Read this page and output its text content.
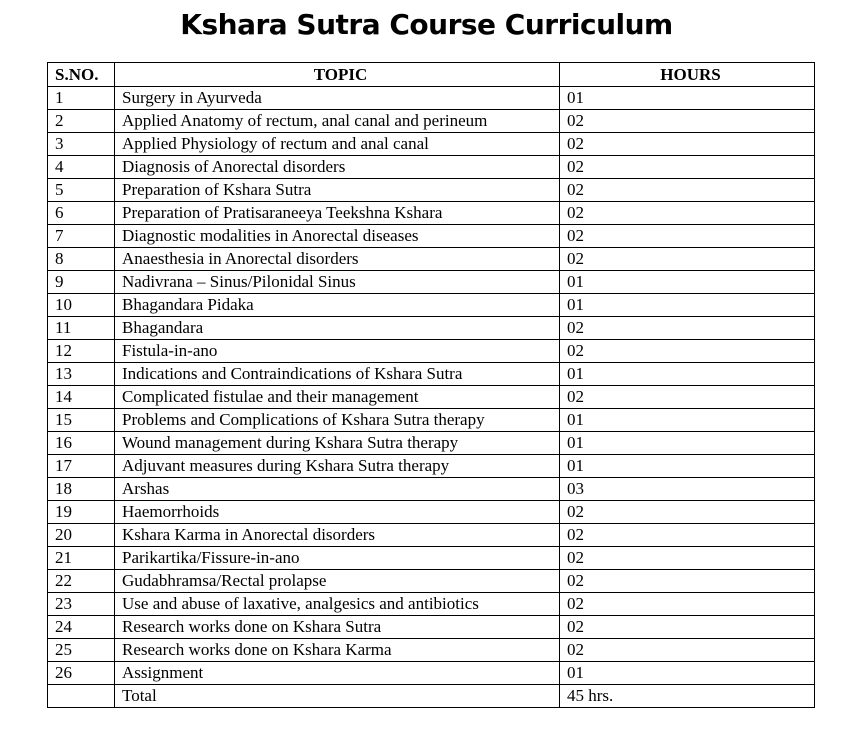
Kshara Sutra Course Curriculum
S.NO.	TOPIC	HOURS
1	Surgery in Ayurveda	01
2	Applied Anatomy of rectum, anal canal and perineum	02
3	Applied Physiology of rectum and anal canal	02
4	Diagnosis of Anorectal disorders	02
5	Preparation of Kshara Sutra	02
6	Preparation of Pratisaraneeya Teekshna Kshara	02
7	Diagnostic modalities in Anorectal diseases	02
8	Anaesthesia in Anorectal disorders	02
9	Nadivrana – Sinus/Pilonidal Sinus	01
10	Bhagandara Pidaka	01
11	Bhagandara	02
12	Fistula-in-ano	02
13	Indications and Contraindications of Kshara Sutra	01
14	Complicated fistulae and their management	02
15	Problems and Complications of Kshara Sutra therapy	01
16	Wound management during Kshara Sutra therapy	01
17	Adjuvant measures during Kshara Sutra therapy	01
18	Arshas	03
19	Haemorrhoids	02
20	Kshara Karma in Anorectal disorders	02
21	Parikartika/Fissure-in-ano	02
22	Gudabhramsa/Rectal prolapse	02
23	Use and abuse of laxative, analgesics and antibiotics	02
24	Research works done on Kshara Sutra	02
25	Research works done on Kshara Karma	02
26	Assignment	01
	Total	45 hrs.
